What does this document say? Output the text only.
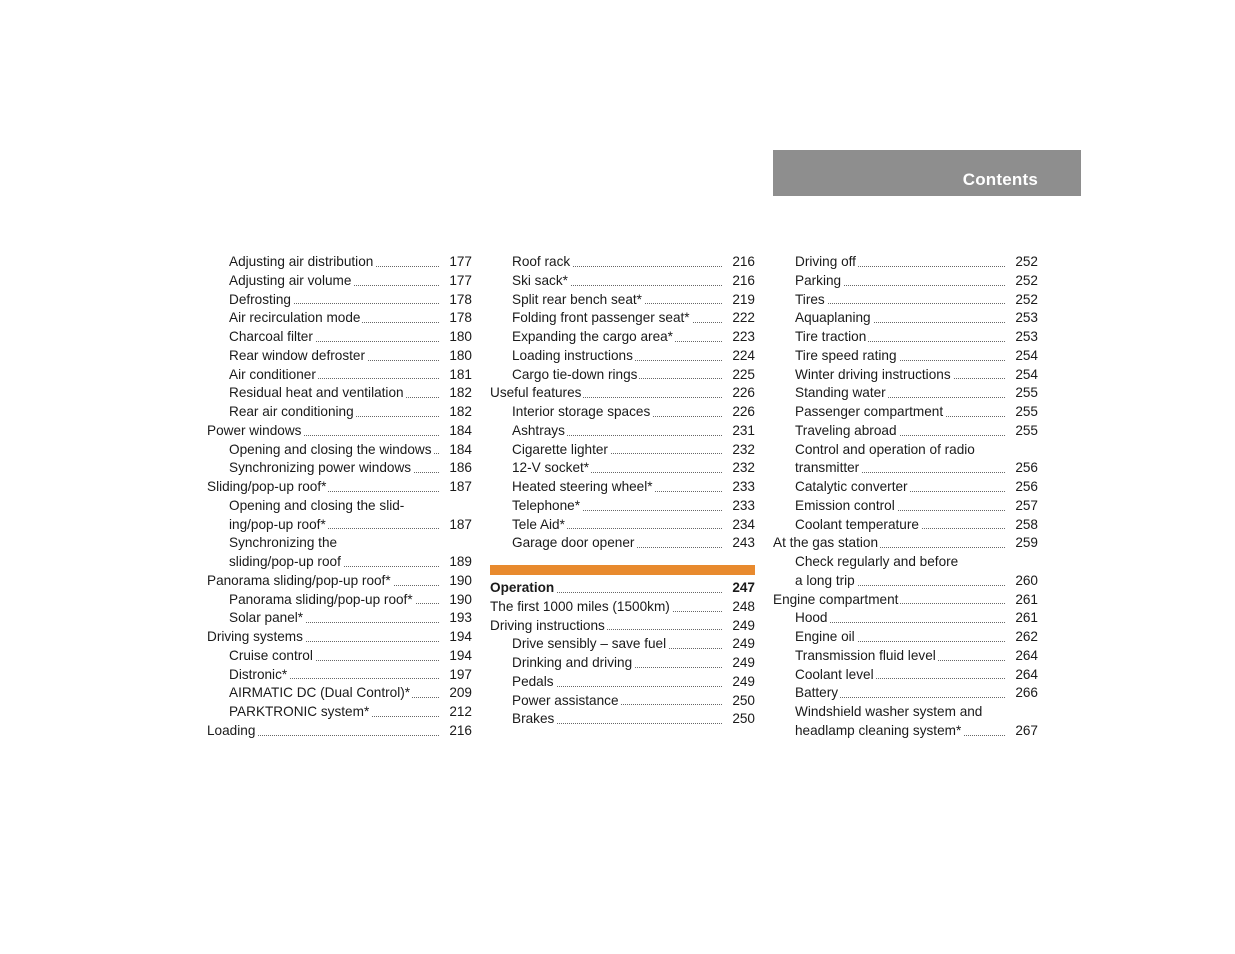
Contents
Adjusting air distribution	177
Adjusting air volume	177
Defrosting	178
Air recirculation mode	178
Charcoal filter	180
Rear window defroster	180
Air conditioner	181
Residual heat and ventilation	182
Rear air conditioning	182
Power windows	184
Opening and closing the windows	184
Synchronizing power windows	186
Sliding/pop-up roof*	187
Opening and closing the slid-
ing/pop-up roof*	187
Synchronizing the
sliding/pop-up roof	189
Panorama sliding/pop-up roof*	190
Panorama sliding/pop-up roof*	190
Solar panel*	193
Driving systems	194
Cruise control	194
Distronic*	197
AIRMATIC DC (Dual Control)*	209
PARKTRONIC system*	212
Loading	216
Roof rack	216
Ski sack*	216
Split rear bench seat*	219
Folding front passenger seat*	222
Expanding the cargo area*	223
Loading instructions	224
Cargo tie-down rings	225
Useful features	226
Interior storage spaces	226
Ashtrays	231
Cigarette lighter	232
12-V socket*	232
Heated steering wheel*	233
Telephone*	233
Tele Aid*	234
Garage door opener	243
Operation	247
The first 1000 miles (1500km)	248
Driving instructions	249
Drive sensibly – save fuel	249
Drinking and driving	249
Pedals	249
Power assistance	250
Brakes	250
Driving off	252
Parking	252
Tires	252
Aquaplaning	253
Tire traction	253
Tire speed rating	254
Winter driving instructions	254
Standing water	255
Passenger compartment	255
Traveling abroad	255
Control and operation of radio
transmitter	256
Catalytic converter	256
Emission control	257
Coolant temperature	258
At the gas station	259
Check regularly and before
a long trip	260
Engine compartment	261
Hood	261
Engine oil	262
Transmission fluid level	264
Coolant level	264
Battery	266
Windshield washer system and
headlamp cleaning system*	267
